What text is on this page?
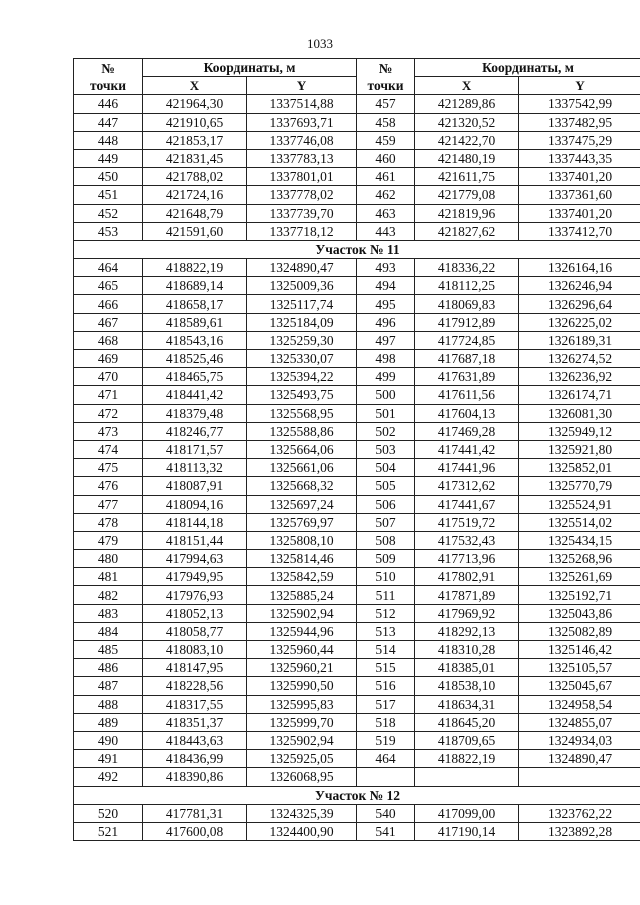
1033
№
точки	Координаты, м		№
точки	Координаты, м	
	X	Y		X	Y
446	421964,30	1337514,88	457	421289,86	1337542,99
447	421910,65	1337693,71	458	421320,52	1337482,95
448	421853,17	1337746,08	459	421422,70	1337475,29
449	421831,45	1337783,13	460	421480,19	1337443,35
450	421788,02	1337801,01	461	421611,75	1337401,20
451	421724,16	1337778,02	462	421779,08	1337361,60
452	421648,79	1337739,70	463	421819,96	1337401,20
453	421591,60	1337718,12	443	421827,62	1337412,70
Участок № 11					
464	418822,19	1324890,47	493	418336,22	1326164,16
465	418689,14	1325009,36	494	418112,25	1326246,94
466	418658,17	1325117,74	495	418069,83	1326296,64
467	418589,61	1325184,09	496	417912,89	1326225,02
468	418543,16	1325259,30	497	417724,85	1326189,31
469	418525,46	1325330,07	498	417687,18	1326274,52
470	418465,75	1325394,22	499	417631,89	1326236,92
471	418441,42	1325493,75	500	417611,56	1326174,71
472	418379,48	1325568,95	501	417604,13	1326081,30
473	418246,77	1325588,86	502	417469,28	1325949,12
474	418171,57	1325664,06	503	417441,42	1325921,80
475	418113,32	1325661,06	504	417441,96	1325852,01
476	418087,91	1325668,32	505	417312,62	1325770,79
477	418094,16	1325697,24	506	417441,67	1325524,91
478	418144,18	1325769,97	507	417519,72	1325514,02
479	418151,44	1325808,10	508	417532,43	1325434,15
480	417994,63	1325814,46	509	417713,96	1325268,96
481	417949,95	1325842,59	510	417802,91	1325261,69
482	417976,93	1325885,24	511	417871,89	1325192,71
483	418052,13	1325902,94	512	417969,92	1325043,86
484	418058,77	1325944,96	513	418292,13	1325082,89
485	418083,10	1325960,44	514	418310,28	1325146,42
486	418147,95	1325960,21	515	418385,01	1325105,57
487	418228,56	1325990,50	516	418538,10	1325045,67
488	418317,55	1325995,83	517	418634,31	1324958,54
489	418351,37	1325999,70	518	418645,20	1324855,07
490	418443,63	1325902,94	519	418709,65	1324934,03
491	418436,99	1325925,05	464	418822,19	1324890,47
492	418390,86	1326068,95			
Участок № 12					
520	417781,31	1324325,39	540	417099,00	1323762,22
521	417600,08	1324400,90	541	417190,14	1323892,28
